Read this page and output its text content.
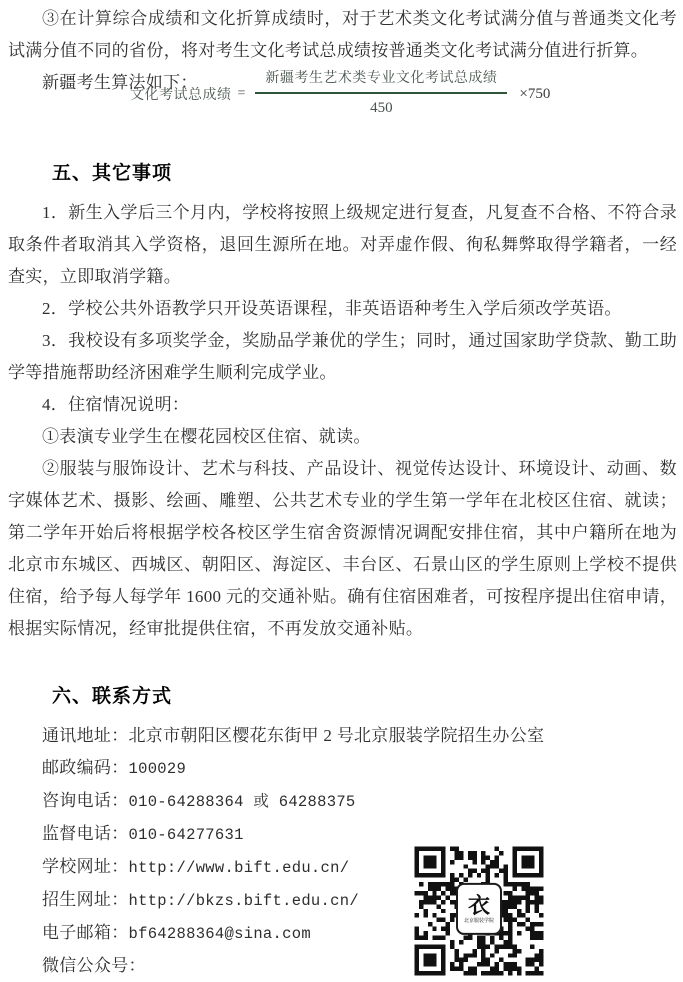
③在计算综合成绩和文化折算成绩时，对于艺术类文化考试满分值与普通类文化考试满分值不同的省份，将对考生文化考试总成绩按普通类文化考试满分值进行折算。

新疆考生算法如下：
文化考试总成绩 = $\frac{\text{新疆考生艺术类专业文化考试总成绩}}{450} \times 750$
五、其它事项

1．新生入学后三个月内，学校将按照上级规定进行复查，凡复查不合格、不符合录取条件者取消其入学资格，退回生源所在地。对弄虚作假、徇私舞弊取得学籍者，一经查实，立即取消学籍。

2．学校公共外语教学只开设英语课程，非英语语种考生入学后须改学英语。

3．我校设有多项奖学金，奖励品学兼优的学生；同时，通过国家助学贷款、勤工助学等措施帮助经济困难学生顺利完成学业。

4．住宿情况说明：

①表演专业学生在樱花园校区住宿、就读。

②服装与服饰设计、艺术与科技、产品设计、视觉传达设计、环境设计、动画、数字媒体艺术、摄影、绘画、雕塑、公共艺术专业的学生第一学年在北校区住宿、就读；第二学年开始后将根据学校各校区学生宿舍资源情况调配安排住宿，其中户籍所在地为北京市东城区、西城区、朝阳区、海淀区、丰台区、石景山区的学生原则上学校不提供住宿，给予每人每学年 1600 元的交通补贴。确有住宿困难者，可按程序提出住宿申请，根据实际情况，经审批提供住宿，不再发放交通补贴。

六、联系方式
通讯地址：北京市朝阳区樱花东街甲 2 号北京服装学院招生办公室
邮政编码：100029
咨询电话：010-64288364 或 64288375
监督电话：010-64277631
学校网址：http://www.bift.edu.cn/
招生网址：http://bkzs.bift.edu.cn/
电子邮箱：bf64288364@sina.com
微信公众号：
衣
北京服装学院
